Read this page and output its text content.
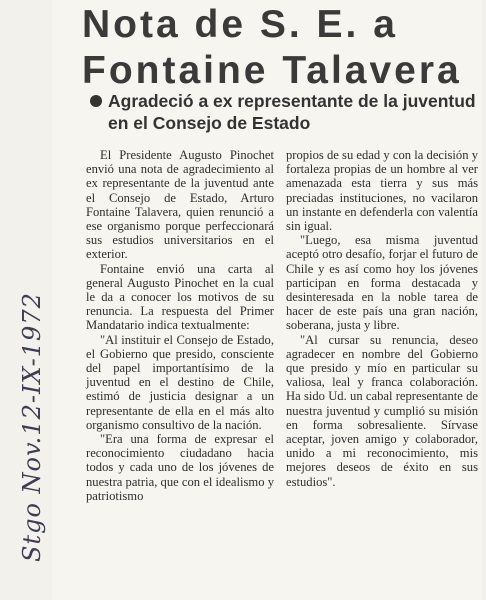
Stgo Nov.12-IX-1972
Nota de S. E. a
Fontaine Talavera
Agradeció a ex representante de la juventud en el Consejo de Estado

El Presidente Augusto Pinochet envió una nota de agradecimiento al ex representante de la juventud ante el Consejo de Estado, Arturo Fontaine Talavera, quien renunció a ese organismo porque perfeccionará sus estudios universitarios en el exterior.

Fontaine envió una carta al general Augusto Pinochet en la cual le da a conocer los motivos de su renuncia. La respuesta del Primer Mandatario indica textualmente:

"Al instituir el Consejo de Estado, el Gobierno que presido, consciente del papel importantísimo de la juventud en el destino de Chile, estimó de justicia designar a un representante de ella en el más alto organismo consultivo de la nación.

"Era una forma de expresar el reconocimiento ciudadano hacia todos y cada uno de los jóvenes de nuestra patria, que con el idealismo y patriotismo

propios de su edad y con la decisión y fortaleza propias de un hombre al ver amenazada esta tierra y sus más preciadas instituciones, no vacilaron un instante en defenderla con valentía sin igual.

"Luego, esa misma juventud aceptó otro desafío, forjar el futuro de Chile y es así como hoy los jóvenes participan en forma destacada y desinteresada en la noble tarea de hacer de este país una gran nación, soberana, justa y libre.

"Al cursar su renuncia, deseo agradecer en nombre del Gobierno que presido y mío en particular su valiosa, leal y franca colaboración. Ha sido Ud. un cabal representante de nuestra juventud y cumplió su misión en forma sobresaliente. Sírvase aceptar, joven amigo y colaborador, unido a mi reconocimiento, mis mejores deseos de éxito en sus estudios".
